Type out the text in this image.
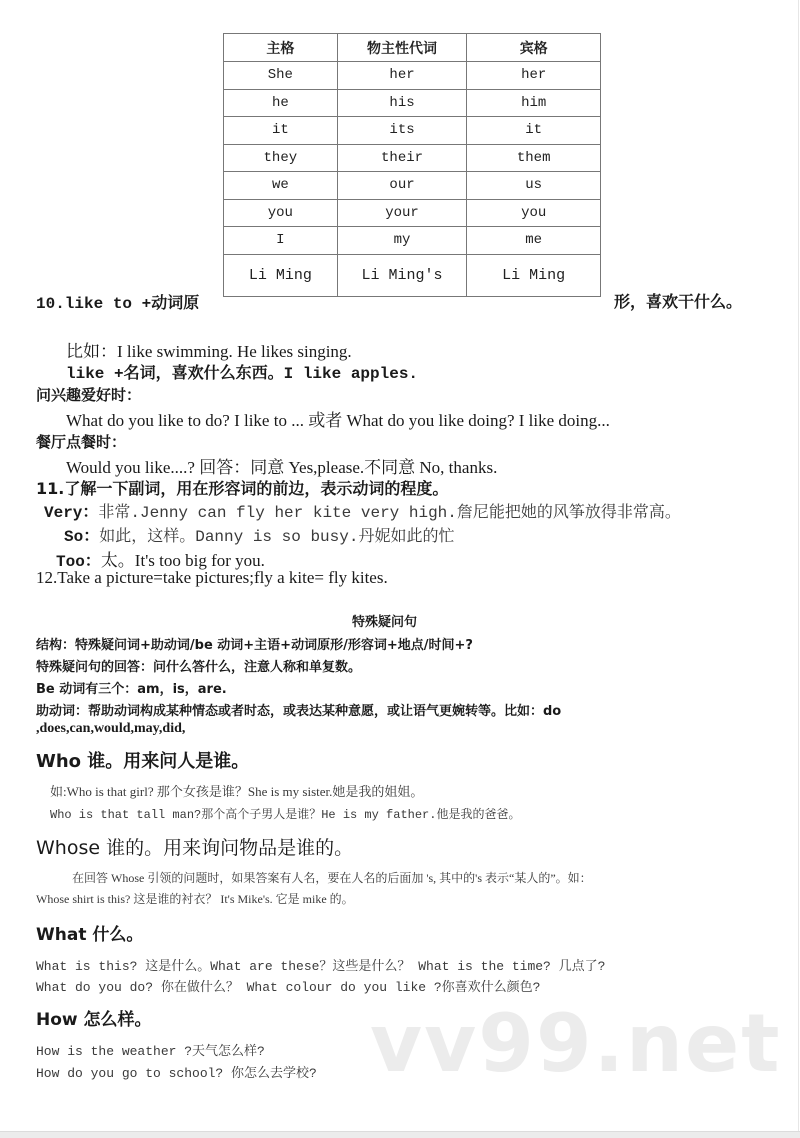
主格	物主性代词	宾格
She	her	her
he	his	him
it	its	it
they	their	them
we	our	us
you	your	you
I	my	me
Li Ming	Li Ming's	Li Ming
10.like to +动词原	形，喜欢干什么。
比如：I like swimming. He likes singing.
like +名词，喜欢什么东西。I like apples.
问兴趣爱好时：
What do you like to do? I like to ... 或者 What do you like doing? I like doing...
餐厅点餐时：
Would you like....? 回答：同意 Yes,please.不同意 No, thanks.
11.了解一下副词，用在形容词的前边，表示动词的程度。
Very：非常.Jenny can fly her kite very high.詹尼能把她的风筝放得非常高。
So：如此，这样。Danny is so busy.丹妮如此的忙
Too：太。It's too big for you.
12.Take a picture=take pictures;fly a kite= fly kites.
特殊疑问句
结构：特殊疑问词+助动词/be 动词+主语+动词原形/形容词+地点/时间+?
特殊疑问句的回答：问什么答什么，注意人称和单复数。
Be 动词有三个：am，is，are.
助动词：帮助动词构成某种情态或者时态，或表达某种意愿，或让语气更婉转等。比如：do
,does,can,would,may,did,
Who 谁。用来问人是谁。
如:Who is that girl? 那个女孩是谁？She is my sister.她是我的姐姐。
Who is that tall man?那个高个子男人是谁？He is my father.他是我的爸爸。
Whose 谁的。用来询问物品是谁的。
在回答 Whose 引领的问题时，如果答案有人名，要在人名的后面加 's, 其中的's 表示“某人的”。如：
Whose shirt is this? 这是谁的衬衣？ It's Mike's. 它是 mike 的。
What 什么。
What is this? 这是什么。What are these？这些是什么？ What is the time? 几点了?
What do you do? 你在做什么？ What colour do you like ?你喜欢什么颜色?
vv99.net
How 怎么样。
How is the weather ?天气怎么样?
How do you go to school? 你怎么去学校?
